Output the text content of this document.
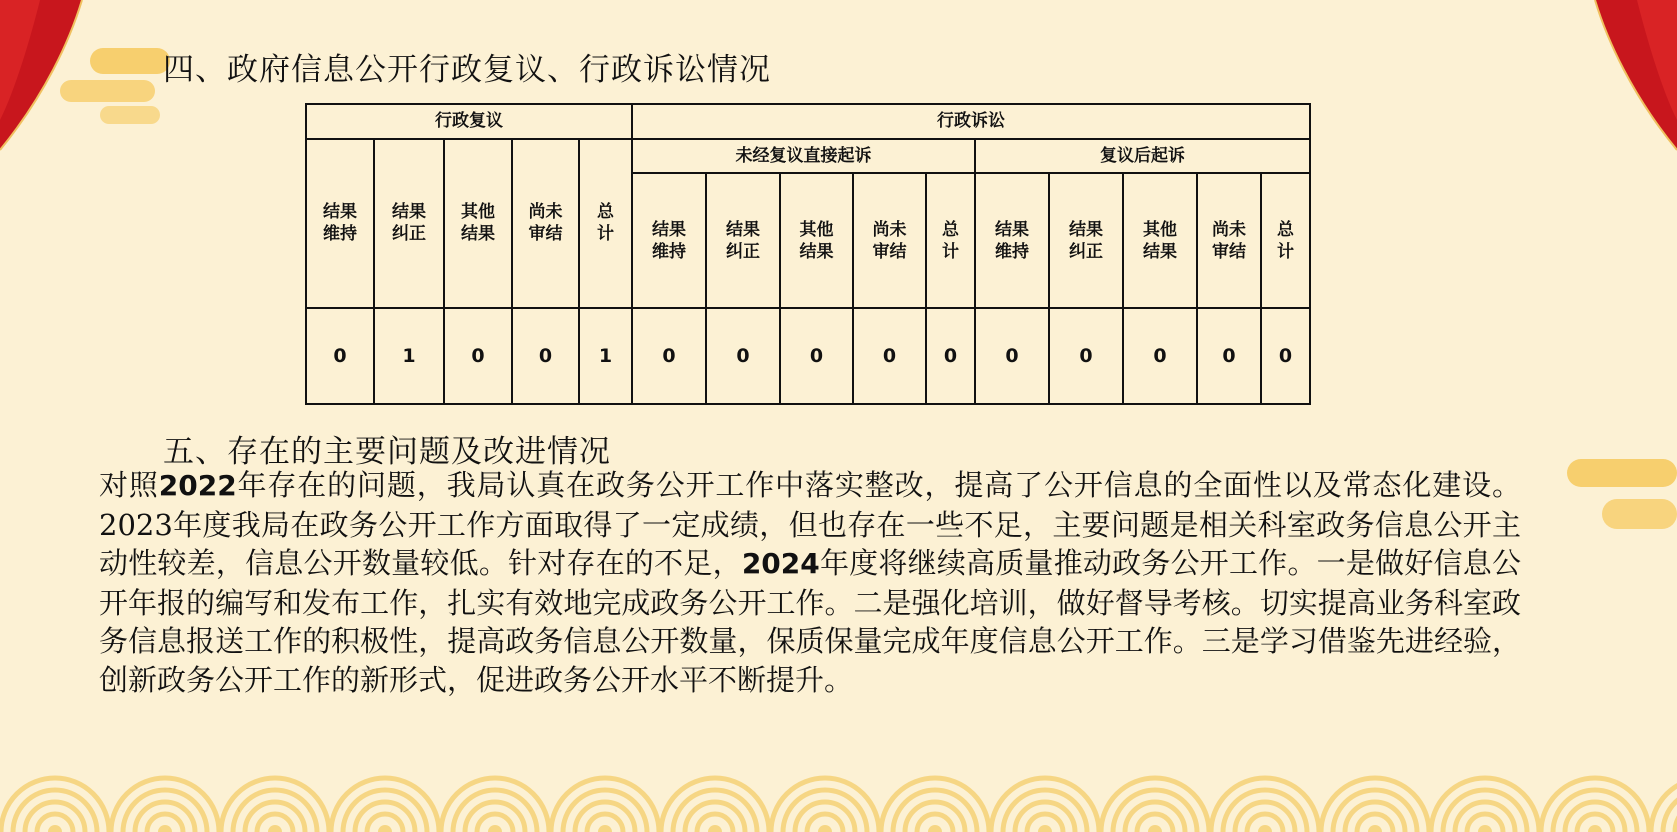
四、政府信息公开行政复议、行政诉讼情况
行政复议					行政诉讼									
结果维持	结果纠正	其他结果	尚未审结	总计	未经复议直接起诉					复议后起诉				
					结果维持	结果纠正	其他结果	尚未审结	总计	结果维持	结果纠正	其他结果	尚未审结	总计
0	1	0	0	1	0	0	0	0	0	0	0	0	0	0
五、存在的主要问题及改进情况
对照2022年存在的问题，我局认真在政务公开工作中落实整改，提高了公开信息的全面性以及常态化建设。2023年度我局在政务公开工作方面取得了一定成绩，但也存在一些不足，主要问题是相关科室政务信息公开主动性较差，信息公开数量较低。针对存在的不足，2024年度将继续高质量推动政务公开工作。一是做好信息公开年报的编写和发布工作，扎实有效地完成政务公开工作。二是强化培训，做好督导考核。切实提高业务科室政务信息报送工作的积极性，提高政务信息公开数量，保质保量完成年度信息公开工作。三是学习借鉴先进经验，创新政务公开工作的新形式，促进政务公开水平不断提升。
